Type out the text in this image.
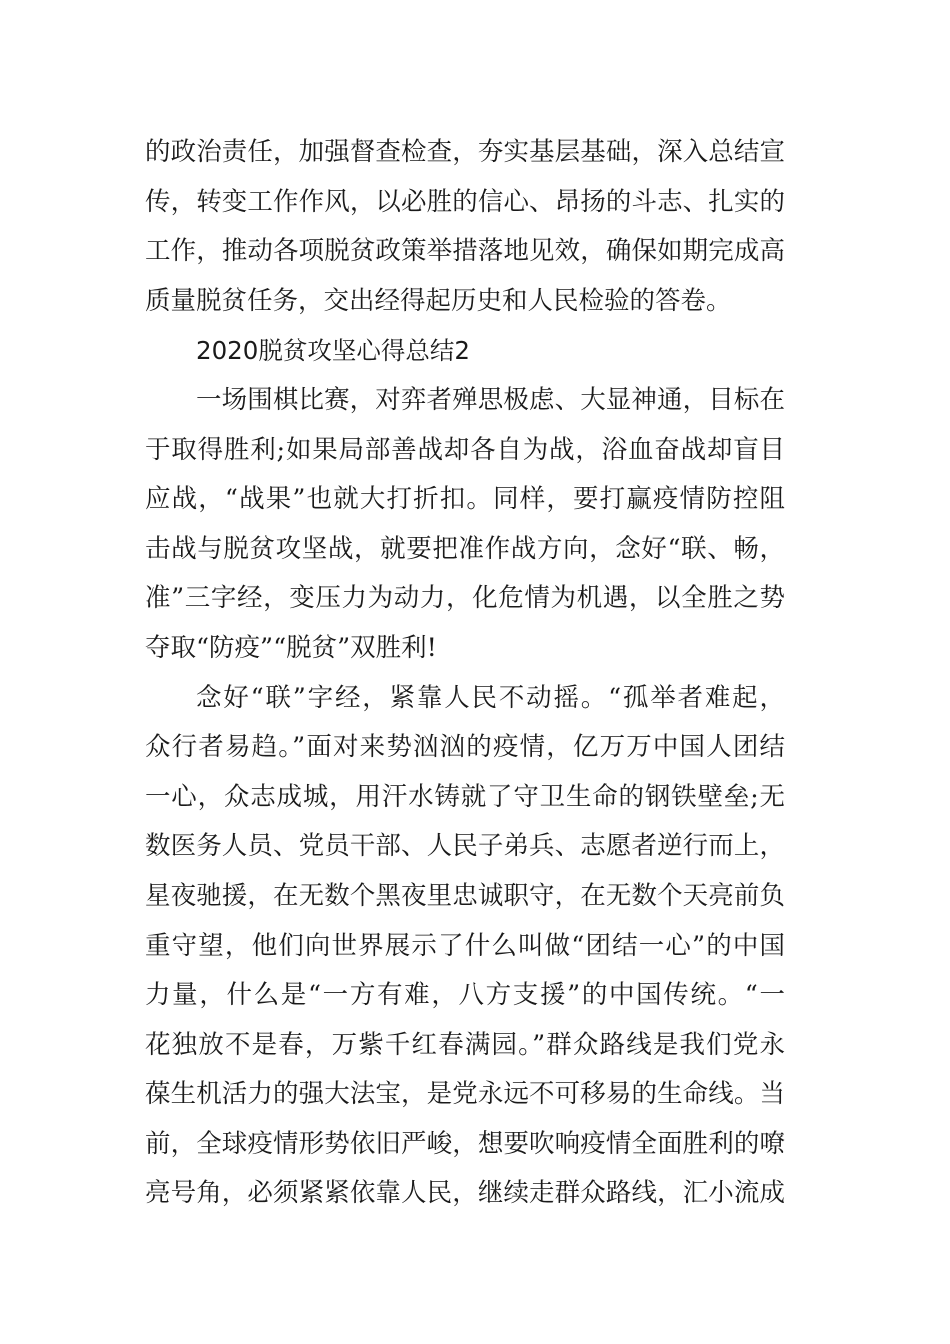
的政治责任，加强督查检查，夯实基层基础，深入总结宣
传，转变工作作风，以必胜的信心、昂扬的斗志、扎实的
工作，推动各项脱贫政策举措落地见效，确保如期完成高
质量脱贫任务，交出经得起历史和人民检验的答卷。
2020脱贫攻坚心得总结2
一场围棋比赛，对弈者殚思极虑、大显神通，目标在
于取得胜利;如果局部善战却各自为战，浴血奋战却盲目
应战，“战果”也就大打折扣。同样，要打赢疫情防控阻
击战与脱贫攻坚战，就要把准作战方向，念好“联、畅，
准”三字经，变压力为动力，化危情为机遇，以全胜之势
夺取“防疫”“脱贫”双胜利!
念好“联”字经，紧靠人民不动摇。“孤举者难起，
众行者易趋。”面对来势汹汹的疫情，亿万万中国人团结
一心，众志成城，用汗水铸就了守卫生命的钢铁壁垒;无
数医务人员、党员干部、人民子弟兵、志愿者逆行而上，
星夜驰援，在无数个黑夜里忠诚职守，在无数个天亮前负
重守望，他们向世界展示了什么叫做“团结一心”的中国
力量，什么是“一方有难，八方支援”的中国传统。“一
花独放不是春，万紫千红春满园。”群众路线是我们党永
葆生机活力的强大法宝，是党永远不可移易的生命线。当
前，全球疫情形势依旧严峻，想要吹响疫情全面胜利的嘹
亮号角，必须紧紧依靠人民，继续走群众路线，汇小流成
